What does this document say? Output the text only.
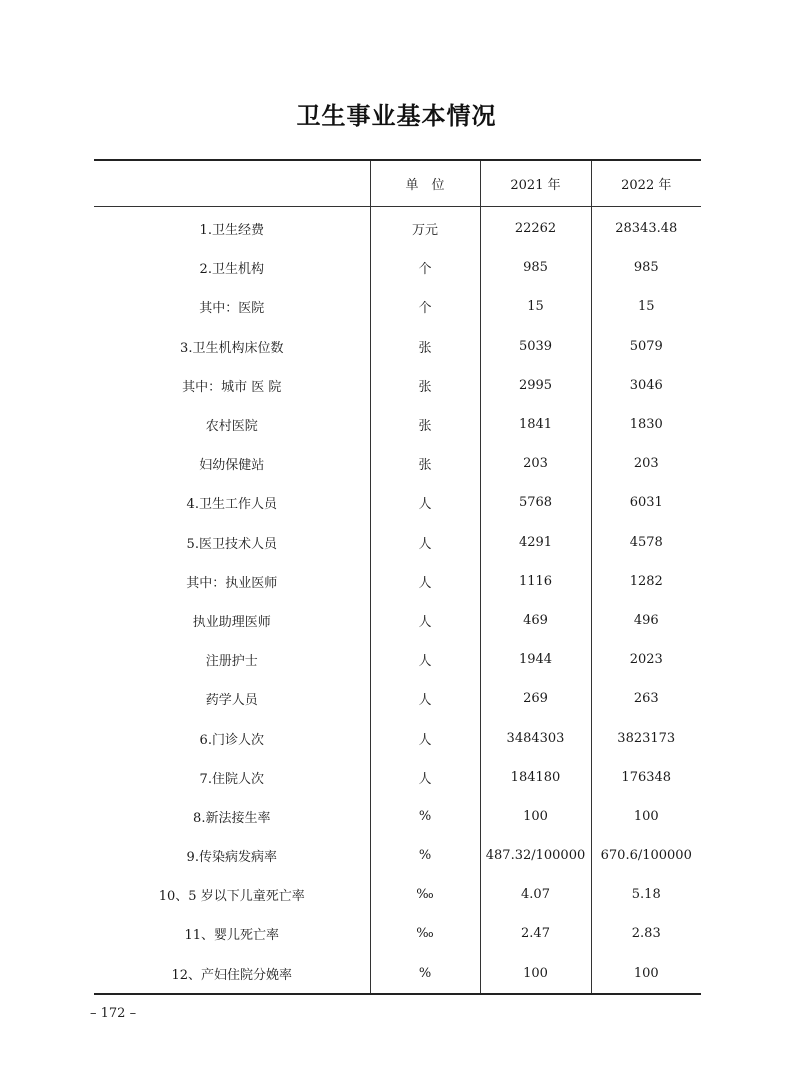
卫生事业基本情况
	单　位	2021 年	2022 年
1.卫生经费	万元	22262	28343.48
2.卫生机构	个	985	985
其中：医院	个	15	15
3.卫生机构床位数	张	5039	5079
其中：城市 医 院	张	2995	3046
农村医院	张	1841	1830
妇幼保健站	张	203	203
4.卫生工作人员	人	5768	6031
5.医卫技术人员	人	4291	4578
其中：执业医师	人	1116	1282
执业助理医师	人	469	496
注册护士	人	1944	2023
药学人员	人	269	263
6.门诊人次	人	3484303	3823173
7.住院人次	人	184180	176348
8.新法接生率	%	100	100
9.传染病发病率	%	487.32/100000	670.6/100000
10、5 岁以下儿童死亡率	‰	4.07	5.18
11、婴儿死亡率	‰	2.47	2.83
12、产妇住院分娩率	%	100	100
– 172 –
